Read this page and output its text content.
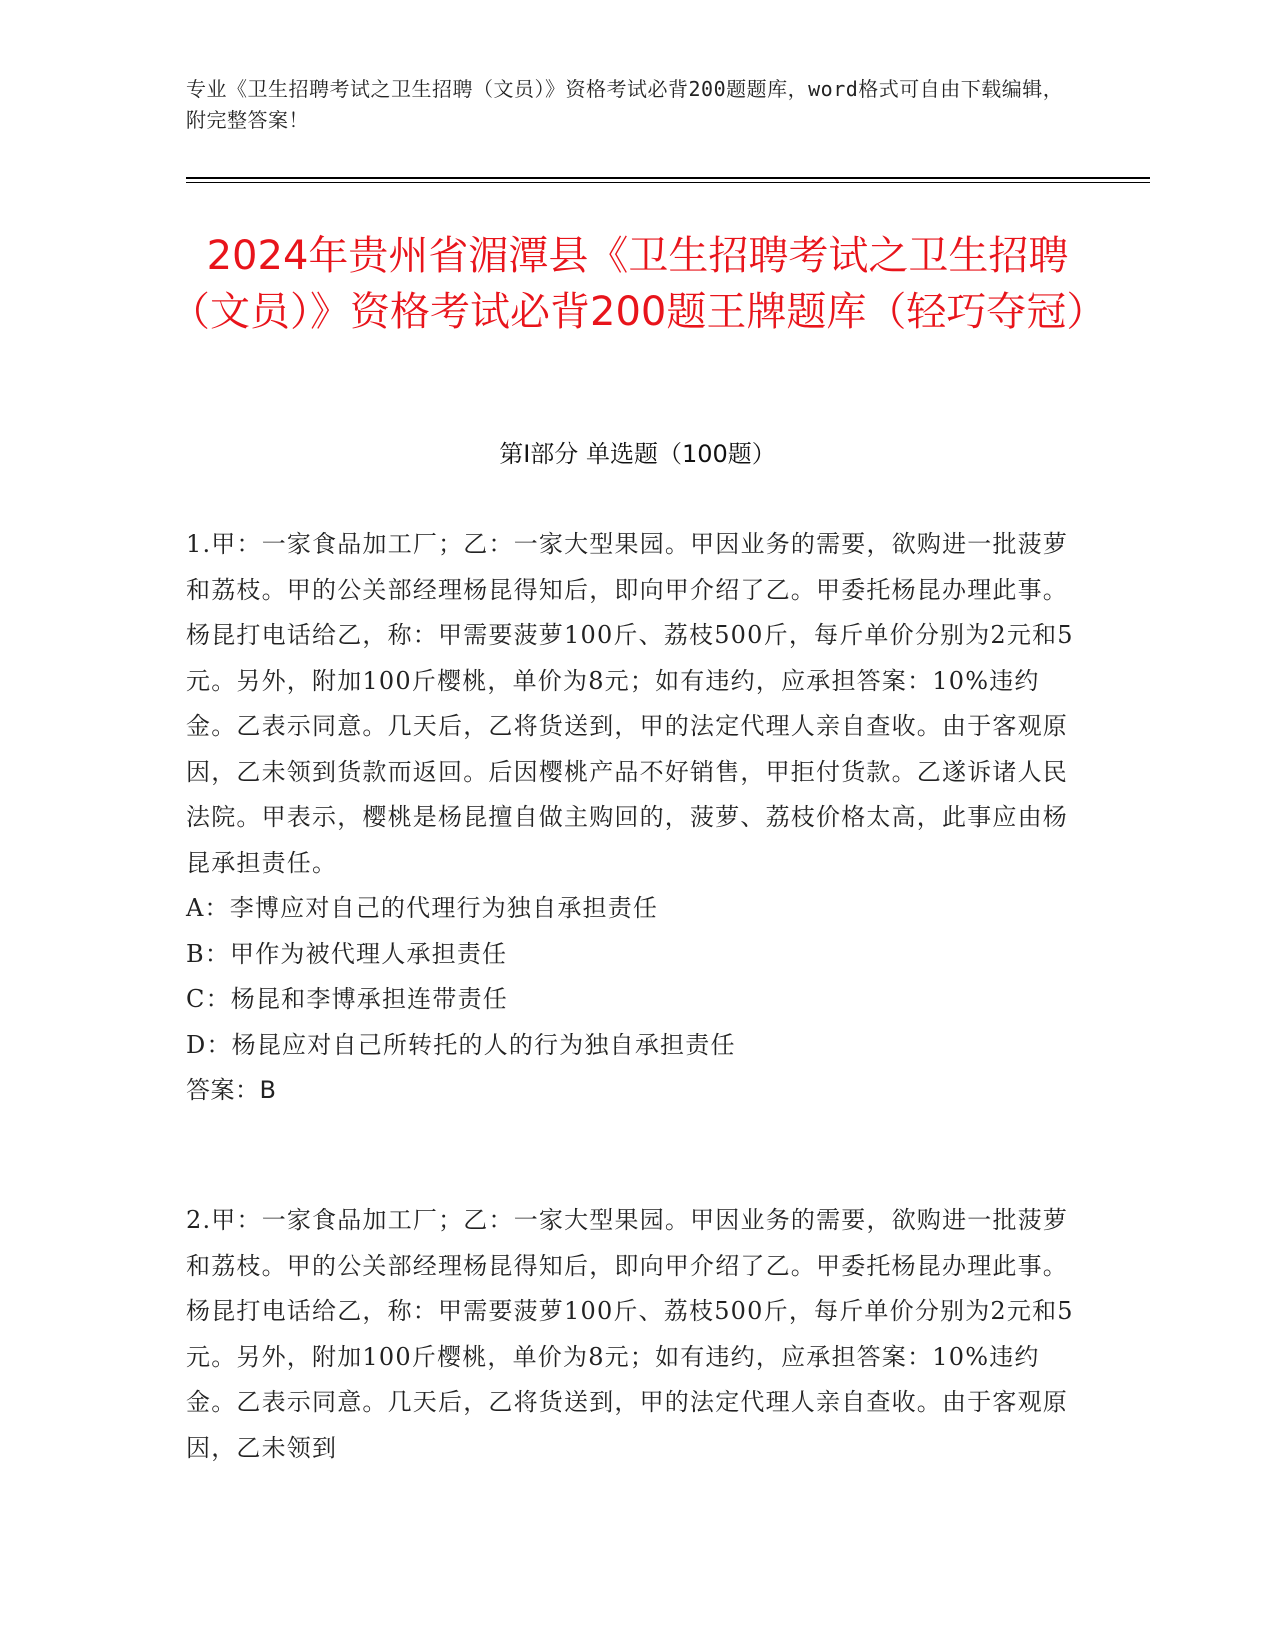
专业《卫生招聘考试之卫生招聘（文员）》资格考试必背200题题库，word格式可自由下载编辑，附完整答案！
2024年贵州省湄潭县《卫生招聘考试之卫生招聘（文员）》资格考试必背200题王牌题库（轻巧夺冠）
第Ⅰ部分 单选题（100题）

1.甲：一家食品加工厂；乙：一家大型果园。甲因业务的需要，欲购进一批菠萝和荔枝。甲的公关部经理杨昆得知后，即向甲介绍了乙。甲委托杨昆办理此事。杨昆打电话给乙，称：甲需要菠萝100斤、荔枝500斤，每斤单价分别为2元和5元。另外，附加100斤樱桃，单价为8元；如有违约，应承担答案：10%违约金。乙表示同意。几天后，乙将货送到，甲的法定代理人亲自查收。由于客观原因，乙未领到货款而返回。后因樱桃产品不好销售，甲拒付货款。乙遂诉诸人民法院。甲表示，樱桃是杨昆擅自做主购回的，菠萝、荔枝价格太高，此事应由杨昆承担责任。

A：李博应对自己的代理行为独自承担责任

B：甲作为被代理人承担责任

C：杨昆和李博承担连带责任

D：杨昆应对自己所转托的人的行为独自承担责任

答案：B

2.甲：一家食品加工厂；乙：一家大型果园。甲因业务的需要，欲购进一批菠萝和荔枝。甲的公关部经理杨昆得知后，即向甲介绍了乙。甲委托杨昆办理此事。杨昆打电话给乙，称：甲需要菠萝100斤、荔枝500斤，每斤单价分别为2元和5元。另外，附加100斤樱桃，单价为8元；如有违约，应承担答案：10%违约金。乙表示同意。几天后，乙将货送到，甲的法定代理人亲自查收。由于客观原因，乙未领到
